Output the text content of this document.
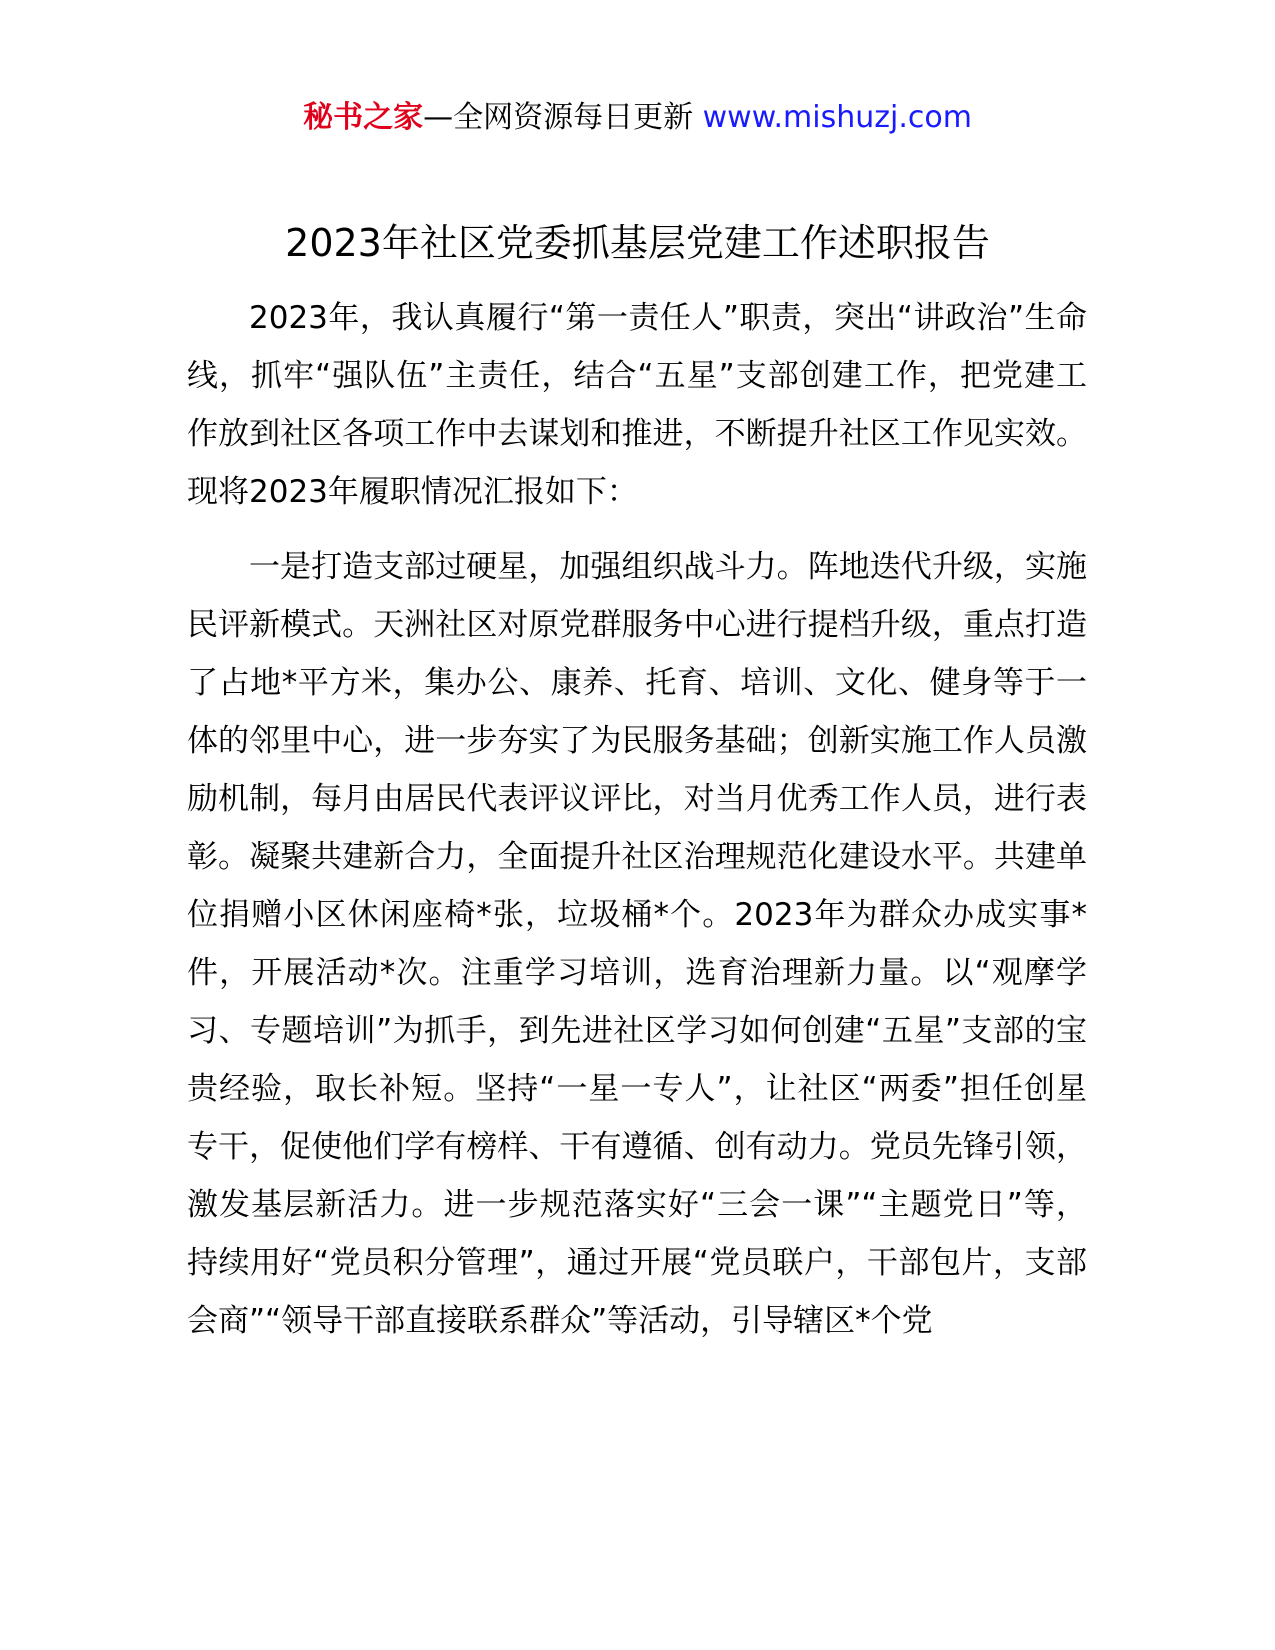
秘书之家—全网资源每日更新 www.mishuzj.com
2023年社区党委抓基层党建工作述职报告

2023年，我认真履行“第一责任人”职责，突出“讲政治”生命线，抓牢“强队伍”主责任，结合“五星”支部创建工作，把党建工作放到社区各项工作中去谋划和推进，不断提升社区工作见实效。现将2023年履职情况汇报如下：

一是打造支部过硬星，加强组织战斗力。阵地迭代升级，实施民评新模式。天洲社区对原党群服务中心进行提档升级，重点打造了占地*平方米，集办公、康养、托育、培训、文化、健身等于一体的邻里中心，进一步夯实了为民服务基础；创新实施工作人员激励机制，每月由居民代表评议评比，对当月优秀工作人员，进行表彰。凝聚共建新合力，全面提升社区治理规范化建设水平。共建单位捐赠小区休闲座椅*张，垃圾桶*个。2023年为群众办成实事*件，开展活动*次。注重学习培训，选育治理新力量。以“观摩学习、专题培训”为抓手，到先进社区学习如何创建“五星”支部的宝贵经验，取长补短。坚持“一星一专人”，让社区“两委”担任创星专干，促使他们学有榜样、干有遵循、创有动力。党员先锋引领，激发基层新活力。进一步规范落实好“三会一课”“主题党日”等，持续用好“党员积分管理”，通过开展“党员联户，干部包片，支部会商”“领导干部直接联系群众”等活动，引导辖区*个党
